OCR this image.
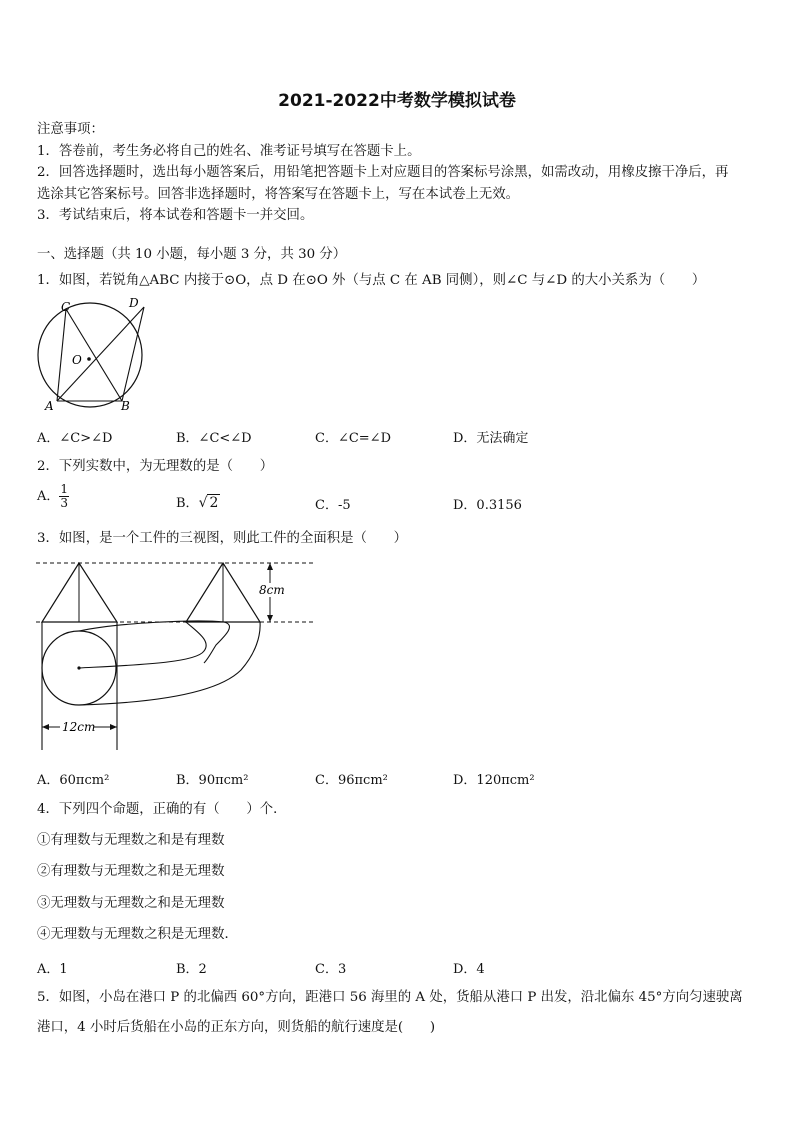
2021-2022中考数学模拟试卷
注意事项：
1．答卷前，考生务必将自己的姓名、准考证号填写在答题卡上。
2．回答选择题时，选出每小题答案后，用铅笔把答题卡上对应题目的答案标号涂黑，如需改动，用橡皮擦干净后，再
选涂其它答案标号。回答非选择题时，将答案写在答题卡上，写在本试卷上无效。
3．考试结束后，将本试卷和答题卡一并交回。
一、选择题（共 10 小题，每小题 3 分，共 30 分）
1．如图，若锐角△ABC 内接于⊙O，点 D 在⊙O 外（与点 C 在 AB 同侧），则∠C 与∠D 的大小关系为（　　）
C	D
O
A	B
A．∠C>∠D	B．∠C<∠D	C．∠C=∠D	D．无法确定
2．下列实数中，为无理数的是（　　）
A． $\frac{1}{3}$	B．√ 2	C．-5	D．0.3156
3．如图，是一个工件的三视图，则此工件的全面积是（　　）
8cm
12cm
A．60πcm²	B．90πcm²	C．96πcm²	D．120πcm²
4．下列四个命题，正确的有（　　）个．
①有理数与无理数之和是有理数
②有理数与无理数之和是无理数
③无理数与无理数之和是无理数
④无理数与无理数之积是无理数．
A．1	B．2	C．3	D．4
5．如图，小岛在港口 P 的北偏西 60°方向，距港口 56 海里的 A 处，货船从港口 P 出发，沿北偏东 45°方向匀速驶离
港口，4 小时后货船在小岛的正东方向，则货船的航行速度是(　　)
